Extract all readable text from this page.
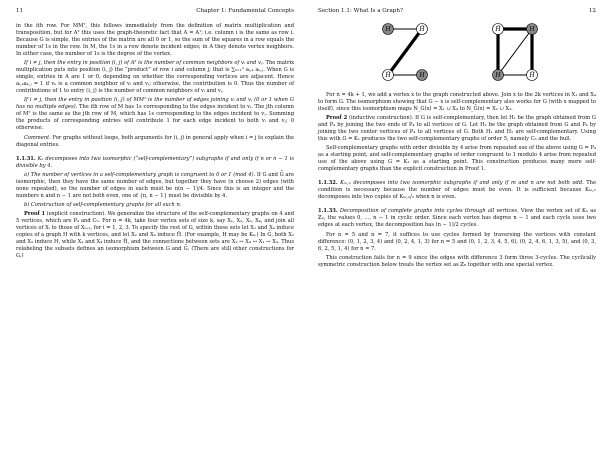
11	Chapter 1: Fundamental Concepts

in the ith row. For MMᵀ, this follows immediately from the definition of matrix multiplication and transposition, but for A² this uses the graph-theoretic fact that A = Aᵀ; i.e. column i is the same as row i. Because G is simple, the entries of the matrix are all 0 or 1, so the sum of the squares in a row equals the number of 1s in the row. In M, the 1s in a row denote incident edges; in A they denote vertex neighbors. In either case, the number of 1s is the degree of the vertex.

If i ≠ j, then the entry in position (i, j) of A² is the number of common neighbors of vᵢ and vⱼ. The matrix multiplication puts into position (i, j) the “product” of row i and column j; that is ∑ₖ₌₁ⁿ aᵢ,ₖ aₖ,ⱼ. When G is simple, entries in A are 1 or 0, depending on whether the corresponding vertices are adjacent. Hence aᵢ,ₖaₖ,ⱼ = 1 if vₖ is a common neighbor of vᵢ and vⱼ; otherwise, the contribution is 0. Thus the number of contributions of 1 to entry (i, j) is the number of common neighbors of vᵢ and vⱼ.

If i ≠ j, then the entry in position (i, j) of MMᵀ is the number of edges joining vᵢ and vⱼ (0 or 1 when G has no multiple edges). The ith row of M has 1s corresponding to the edges incident to vᵢ. The jth column of Mᵀ is the same as the jth row of M, which has 1s corresponding to the edges incident to vⱼ. Summing the products of corresponding entries will contribute 1 for each edge incident to both vᵢ and vⱼ; 0 otherwise.

Comment. For graphs without loops, both arguments for (i, j) in general apply when i = j to explain the diagonal entries.

1.1.31. Kₙ decomposes into two isomorphic (“self-complementary”) subgraphs if and only if n or n − 1 is divisible by 4.

a) The number of vertices in a self-complementary graph is congruent to 0 or 1 (mod 4). If G and Ḡ are isomorphic, then they have the same number of edges, but together they have (n choose 2) edges (with none repeated), so the number of edges in each must be n(n − 1)/4. Since this is an integer and the numbers n and n − 1 are not both even, one of {n, n − 1} must be divisible by 4.

b) Construction of self-complementary graphs for all such n.

Proof 1 (explicit construction). We generalize the structure of the self-complementary graphs on 4 and 5 vertices, which are P₄ and C₅. For n = 4k, take four vertex sets of size k, say X₁, X₂, X₃, X₄, and join all vertices of Xᵢ to those of Xᵢ₊₁, for i = 1, 2, 3. To specify the rest of G, within these sets let X₁ and X₄ induce copies of a graph H with k vertices, and let X₂ and X₃ induce H̄. (For example, H may be Kₖ.) In Ḡ, both X₂ and X₃ induce H, while X₁ and X₄ induce H̄, and the connections between sets are X₂ ↔ X₄ ↔ X₁ ↔ X₃. Thus relabeling the subsets defines an isomorphism between G and Ḡ. (There are still other constructions for G.)

Section 1.1: What Is a Graph?	12
H	H̄
H̄	H
H̄	H
H	H̄

For n = 4k + 1, we add a vertex x to the graph constructed above. Join x to the 2k vertices in X₁ and X₄ to form G. The isomorphism showing that G − x is self-complementary also works for G (with x mapped to itself), since this isomorphism maps N_G(x) = X₁ ∪ X₄ to N_Ḡ(x) = X₂ ∪ X₃.

Proof 2 (inductive construction). If G is self-complementary, then let H₁ be the graph obtained from G and P₄ by joining the two ends of P₄ to all vertices of G. Let H₂ be the graph obtained from G and P₄ by joining the two center vertices of P₄ to all vertices of G. Both H₁ and H₂ are self-complementary. Using this with G = K₁ produces the two self-complementary graphs of order 5, namely C₅ and the bull.

Self-complementary graphs with order divisible by 4 arise from repeated use of the above using G = P₄ as a starting point, and self-complementary graphs of order congruent to 1 modulo 4 arise from repeated use of the above using G = K₁ as a starting point. This construction produces many more self-complementary graphs than the explicit construction in Proof 1.

1.1.32. Kₘ,ₙ decomposes into two isomorphic subgraphs if and only if m and n are not both odd. The condition is necessary because the number of edges must be even. It is sufficient because Kₘ,ₙ decomposes into two copies of Kₘ,ₙ/₂ when n is even.

1.1.33. Decomposition of complete graphs into cycles through all vertices. View the vertex set of Kₙ as ℤₙ, the values 0, …, n − 1 in cyclic order. Since each vertex has degree n − 1 and each cycle uses two edges at each vertex, the decomposition has (n − 1)/2 cycles.

For n = 5 and n = 7, it suffices to use cycles formed by traversing the vertices with constant difference: (0, 1, 2, 3, 4) and (0, 2, 4, 1, 3) for n = 5 and (0, 1, 2, 3, 4, 5, 6), (0, 2, 4, 6, 1, 3, 5), and (0, 3, 6, 2, 5, 1, 4) for n = 7.

This construction fails for n = 9 since the edges with difference 3 form three 3-cycles. The cyclically symmetric construction below treats the vertex set as ℤ₈ together with one special vertex.
